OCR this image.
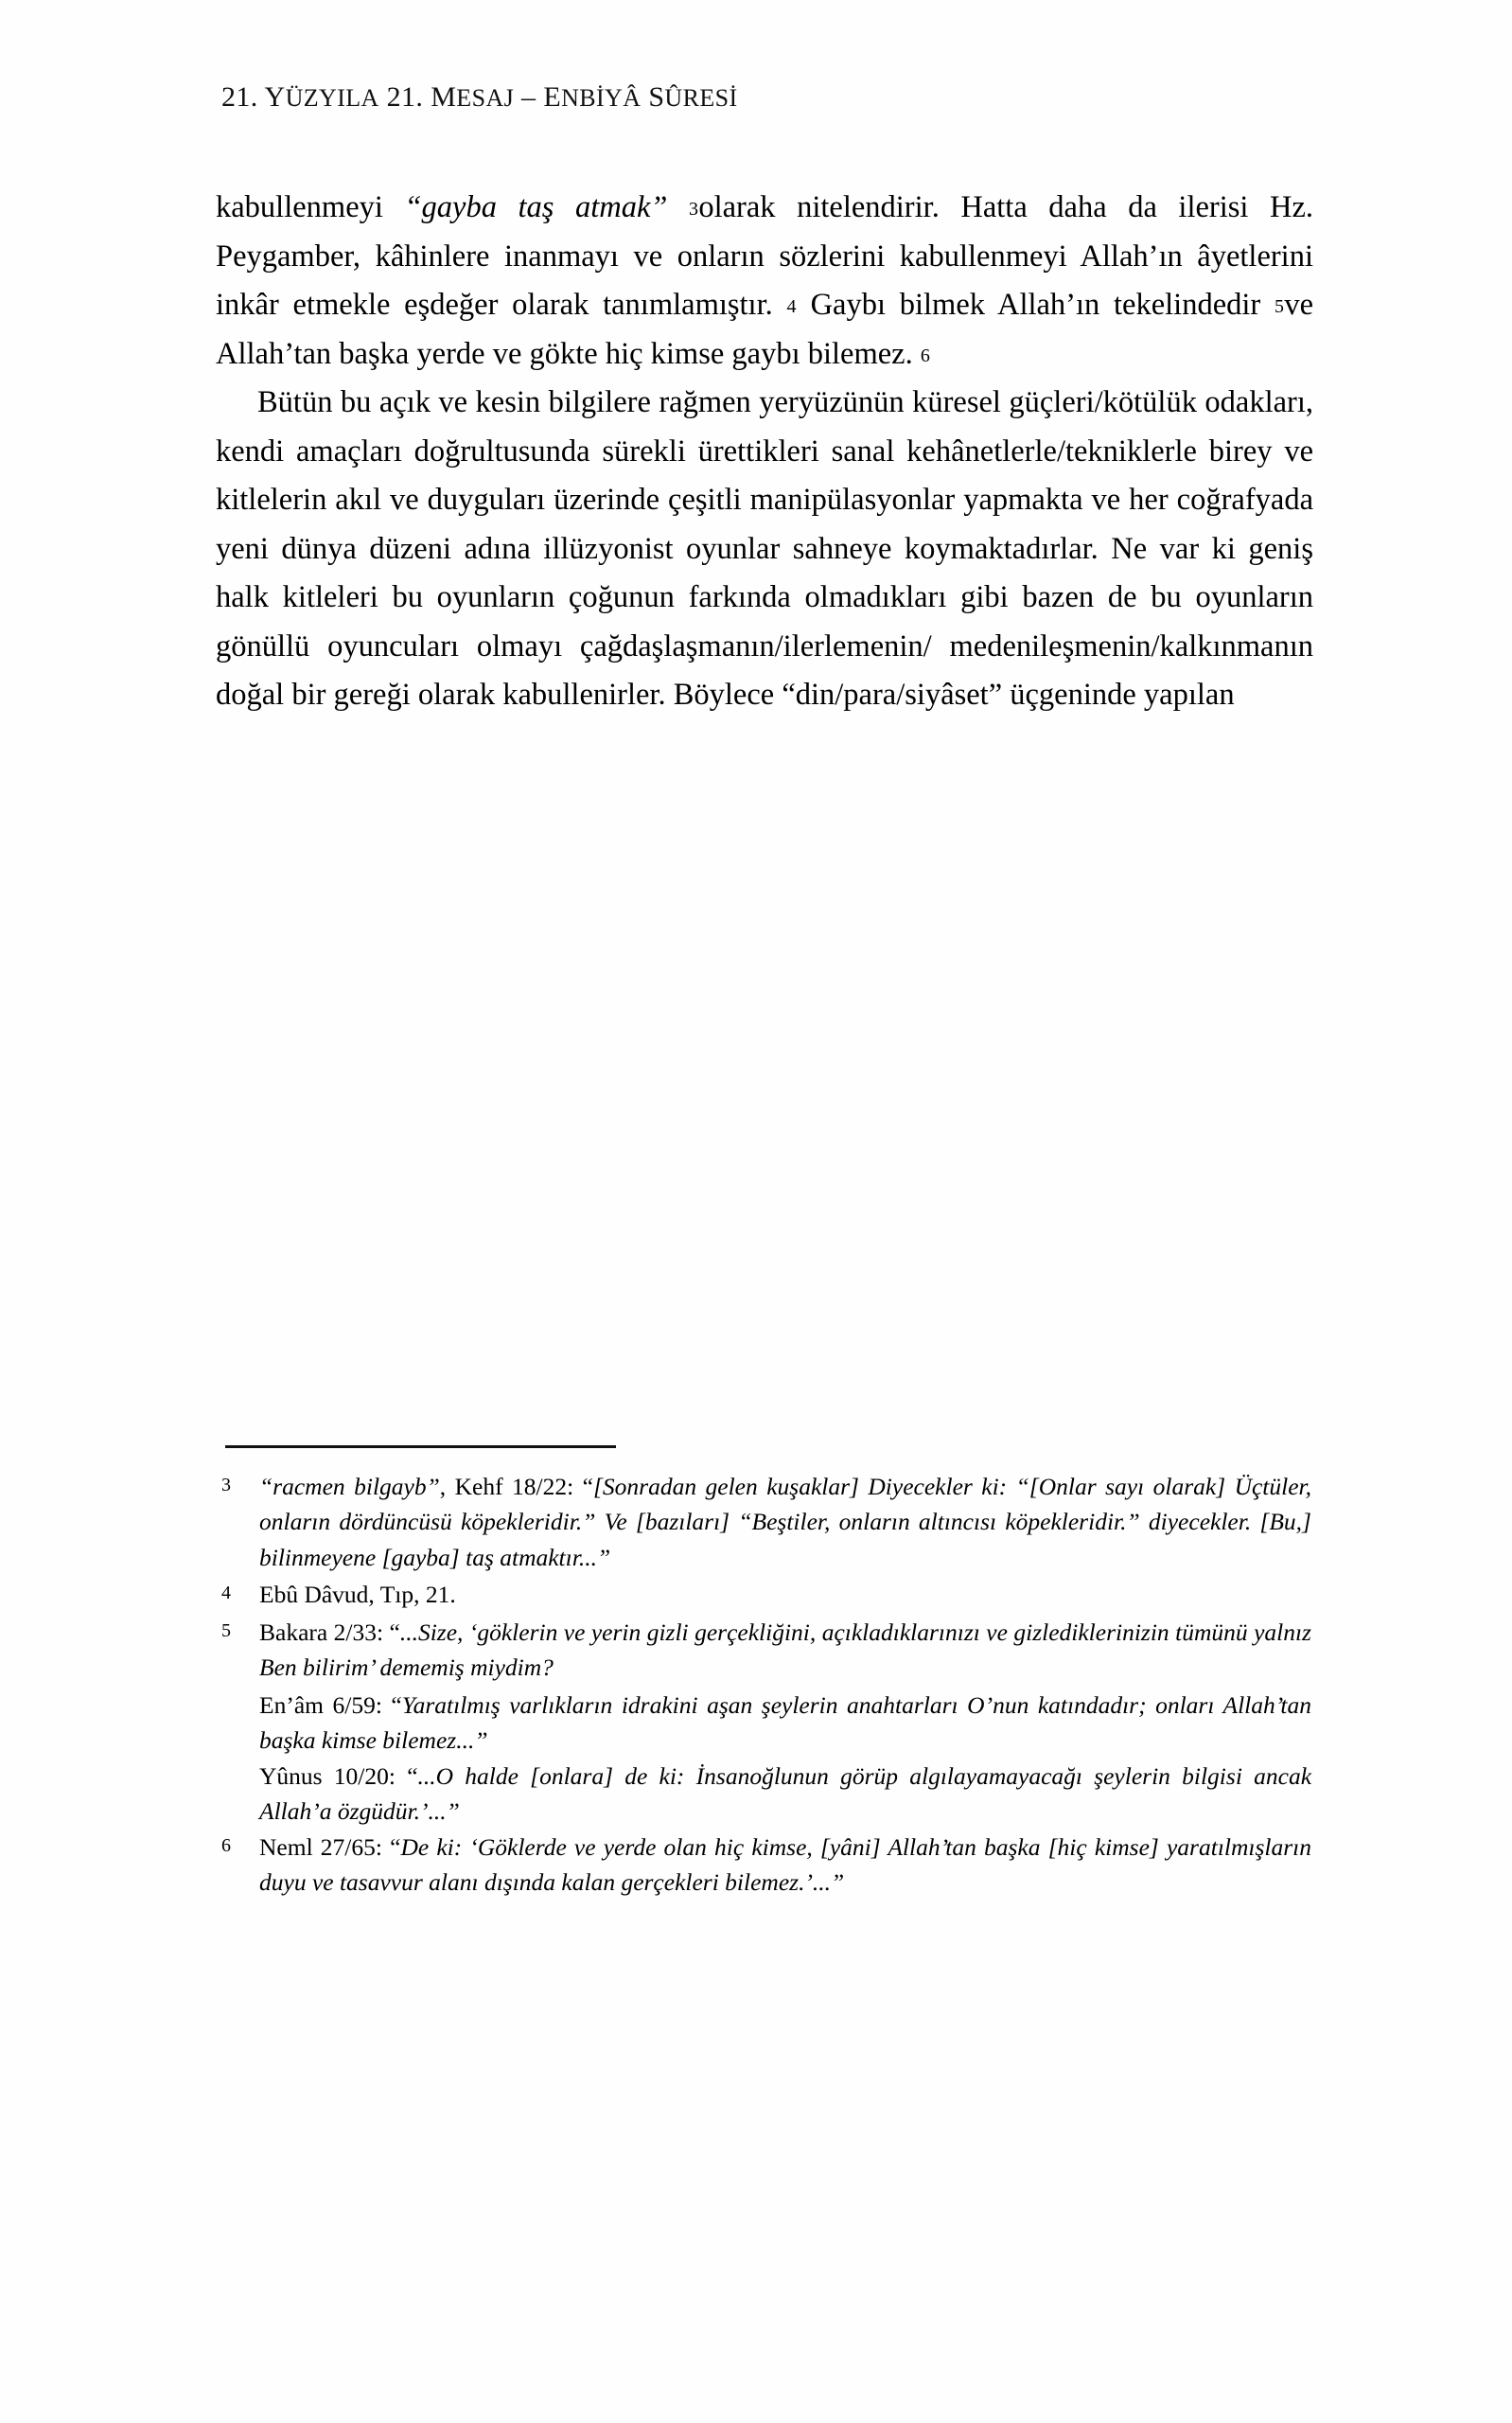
21. YÜZYILA 21. MESAJ – ENBİYÂ SÛRESİ

kabullenmeyi “gayba taş atmak” 3olarak nitelendirir. Hatta daha da ilerisi Hz. Peygamber, kâhinlere inanmayı ve onların sözlerini kabullenmeyi Allah’ın âyetlerini inkâr etmekle eşdeğer olarak tanımlamıştır. 4 Gaybı bilmek Allah’ın tekelindedir 5ve Allah’tan başka yerde ve gökte hiç kimse gaybı bilemez. 6

Bütün bu açık ve kesin bilgilere rağmen yeryüzünün küresel güçleri/kötülük odakları, kendi amaçları doğrultusunda sürekli ürettikleri sanal kehânetlerle/tekniklerle birey ve kitlelerin akıl ve duyguları üzerinde çeşitli manipülasyonlar yapmakta ve her coğrafyada yeni dünya düzeni adına illüzyonist oyunlar sahneye koymaktadırlar. Ne var ki geniş halk kitleleri bu oyunların çoğunun farkında olmadıkları gibi bazen de bu oyunların gönüllü oyuncuları olmayı çağdaşlaşmanın/ilerlemenin/ medenileşmenin/kalkınmanın doğal bir gereği olarak kabullenirler. Böylece “din/para/siyâset” üçgeninde yapılan

3	“racmen bilgayb”, Kehf 18/22: “[Sonradan gelen kuşaklar] Diyecekler ki: “[Onlar sayı olarak] Üçtüler, onların dördüncüsü köpekleridir.” Ve [bazıları] “Beştiler, onların altıncısı köpekleridir.” diyecekler. [Bu,] bilinmeyene [gayba] taş atmaktır...”

4	Ebû Dâvud, Tıp, 21.

5	Bakara 2/33: “...Size, ‘göklerin ve yerin gizli gerçekliğini, açıkladıklarınızı ve gizlediklerinizin tümünü yalnız Ben bilirim’ dememiş miydim?

En’âm 6/59: “Yaratılmış varlıkların idrakini aşan şeylerin anahtarları O’nun katındadır; onları Allah’tan başka kimse bilemez...”
Yûnus 10/20: “...O halde [onlara] de ki: İnsanoğlunun görüp algılayamayacağı şeylerin bilgisi ancak Allah’a özgüdür.’...”
6	Neml 27/65: “De ki: ‘Göklerde ve yerde olan hiç kimse, [yâni] Allah’tan başka [hiç kimse] yaratılmışların duyu ve tasavvur alanı dışında kalan gerçekleri bilemez.’...”
